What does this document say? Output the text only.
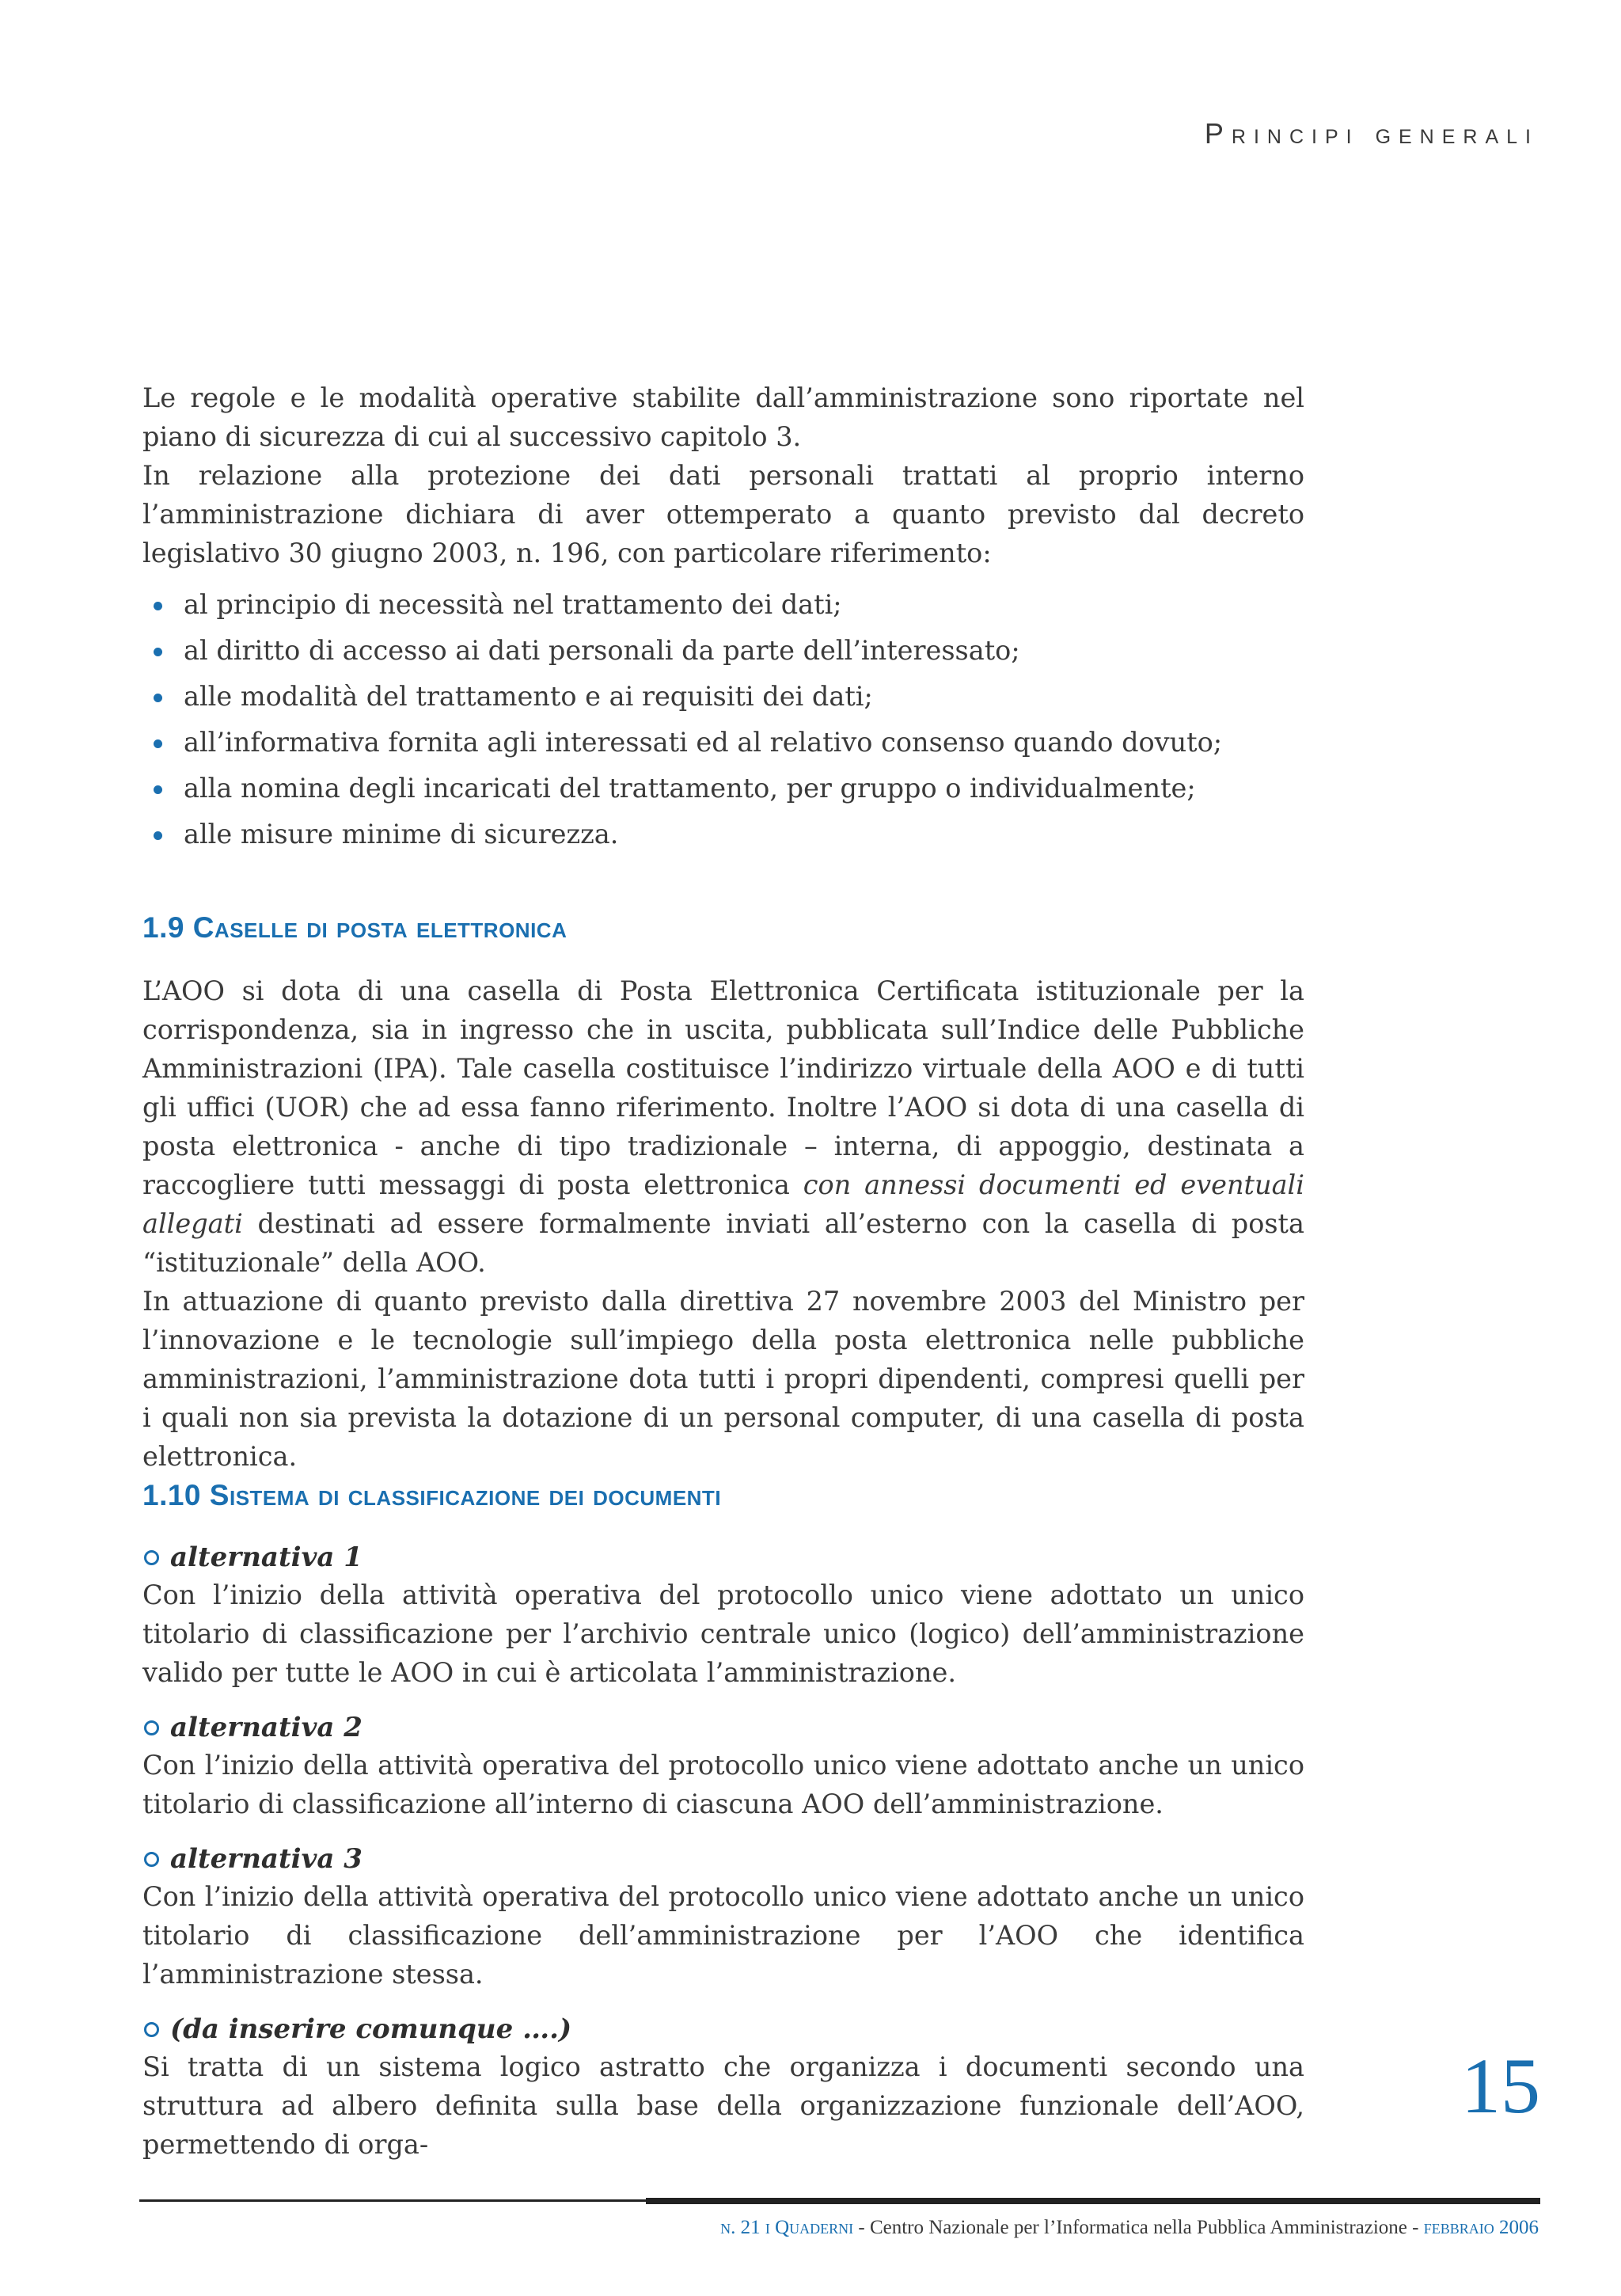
Principi generali

Le regole e le modalità operative stabilite dall’amministrazione sono riportate nel piano di sicurezza di cui al successivo capitolo 3.

In relazione alla protezione dei dati personali trattati al proprio interno l’amministrazione dichiara di aver ottemperato a quanto previsto dal decreto legislativo 30 giugno 2003, n. 196, con particolare riferimento:

al principio di necessità nel trattamento dei dati;
al diritto di accesso ai dati personali da parte dell’interessato;
alle modalità del trattamento e ai requisiti dei dati;
all’informativa fornita agli interessati ed al relativo consenso quando dovuto;
alla nomina degli incaricati del trattamento, per gruppo o individualmente;
alle misure minime di sicurezza.
1.9 Caselle di posta elettronica

L’AOO si dota di una casella di Posta Elettronica Certificata istituzionale per la corrispondenza, sia in ingresso che in uscita, pubblicata sull’Indice delle Pubbliche Amministrazioni (IPA). Tale casella costituisce l’indirizzo virtuale della AOO e di tutti gli uffici (UOR) che ad essa fanno riferimento. Inoltre l’AOO si dota di una casella di posta elettronica - anche di tipo tradizionale – interna, di appoggio, destinata a raccogliere tutti messaggi di posta elettronica con annessi documenti ed eventuali allegati destinati ad essere formalmente inviati all’esterno con la casella di posta “istituzionale” della AOO.

In attuazione di quanto previsto dalla direttiva 27 novembre 2003 del Ministro per l’innovazione e le tecnologie sull’impiego della posta elettronica nelle pubbliche amministrazioni, l’amministrazione dota tutti i propri dipendenti, compresi quelli per i quali non sia prevista la dotazione di un personal computer, di una casella di posta elettronica.

1.10 Sistema di classificazione dei documenti

alternativa 1

Con l’inizio della attività operativa del protocollo unico viene adottato un unico titolario di classificazione per l’archivio centrale unico (logico) dell’amministrazione valido per tutte le AOO in cui è articolata l’amministrazione.

alternativa 2

Con l’inizio della attività operativa del protocollo unico viene adottato anche un unico titolario di classificazione all’interno di ciascuna AOO dell’amministrazione.

alternativa 3

Con l’inizio della attività operativa del protocollo unico viene adottato anche un unico titolario di classificazione dell’amministrazione per l’AOO che identifica l’amministrazione stessa.

(da inserire comunque ….)

Si tratta di un sistema logico astratto che organizza i documenti secondo una struttura ad albero definita sulla base della organizzazione funzionale dell’AOO, permettendo di orga-

15

n. 21 i Quaderni - Centro Nazionale per l’Informatica nella Pubblica Amministrazione - febbraio 2006
